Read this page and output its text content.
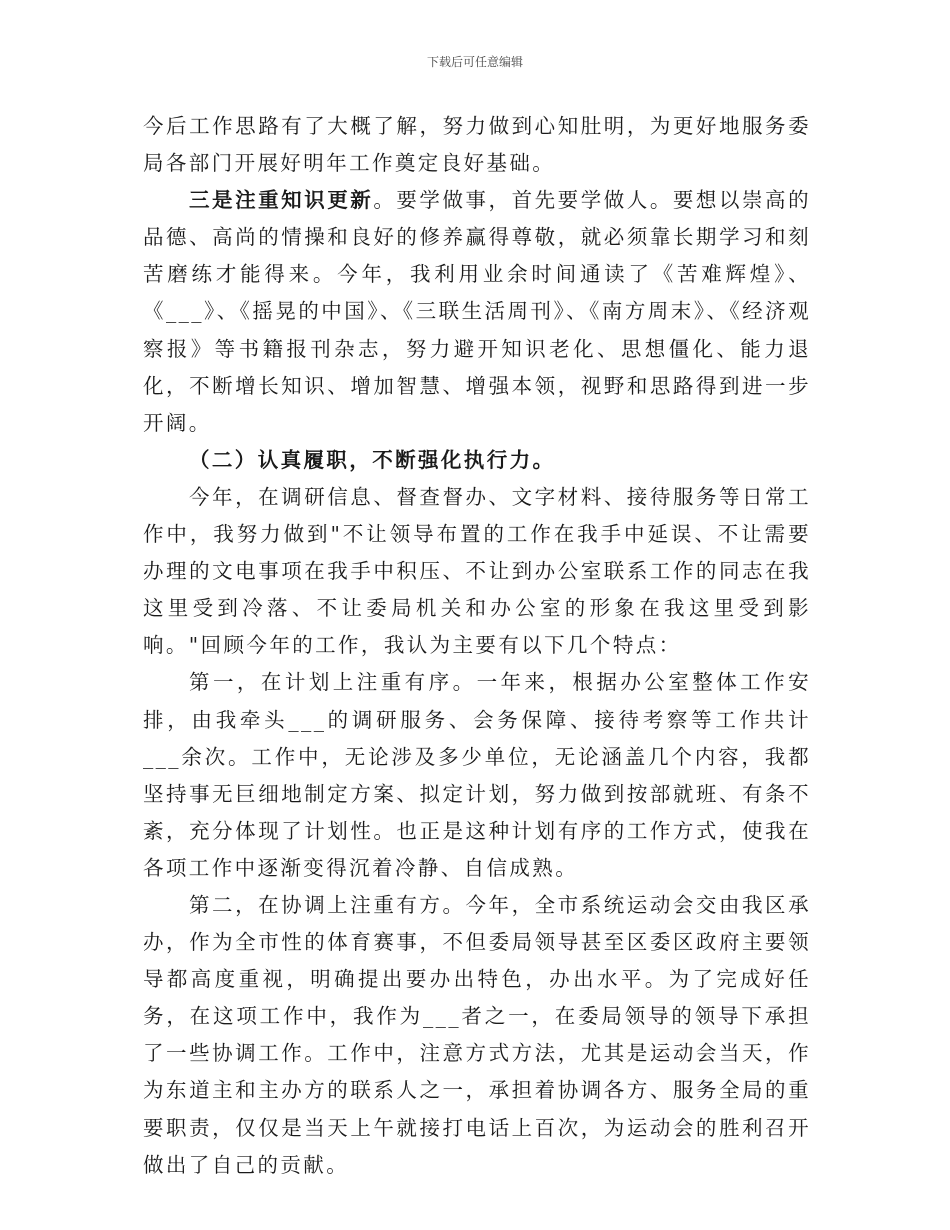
下载后可任意编辑

今后工作思路有了大概了解，努力做到心知肚明，为更好地服务委局各部门开展好明年工作奠定良好基础。

三是注重知识更新。要学做事，首先要学做人。要想以崇高的品德、高尚的情操和良好的修养赢得尊敬，就必须靠长期学习和刻苦磨练才能得来。今年，我利用业余时间通读了《苦难辉煌》、《___》、《摇晃的中国》、《三联生活周刊》、《南方周末》、《经济观察报》等书籍报刊杂志，努力避开知识老化、思想僵化、能力退化，不断增长知识、增加智慧、增强本领，视野和思路得到进一步开阔。

（二）认真履职，不断强化执行力。

今年，在调研信息、督查督办、文字材料、接待服务等日常工作中，我努力做到"不让领导布置的工作在我手中延误、不让需要办理的文电事项在我手中积压、不让到办公室联系工作的同志在我这里受到冷落、不让委局机关和办公室的形象在我这里受到影响。"回顾今年的工作，我认为主要有以下几个特点：

第一，在计划上注重有序。一年来，根据办公室整体工作安排，由我牵头___的调研服务、会务保障、接待考察等工作共计___余次。工作中，无论涉及多少单位，无论涵盖几个内容，我都坚持事无巨细地制定方案、拟定计划，努力做到按部就班、有条不紊，充分体现了计划性。也正是这种计划有序的工作方式，使我在各项工作中逐渐变得沉着冷静、自信成熟。

第二，在协调上注重有方。今年，全市系统运动会交由我区承办，作为全市性的体育赛事，不但委局领导甚至区委区政府主要领导都高度重视，明确提出要办出特色，办出水平。为了完成好任务，在这项工作中，我作为___者之一，在委局领导的领导下承担了一些协调工作。工作中，注意方式方法，尤其是运动会当天，作为东道主和主办方的联系人之一，承担着协调各方、服务全局的重要职责，仅仅是当天上午就接打电话上百次，为运动会的胜利召开做出了自己的贡献。
